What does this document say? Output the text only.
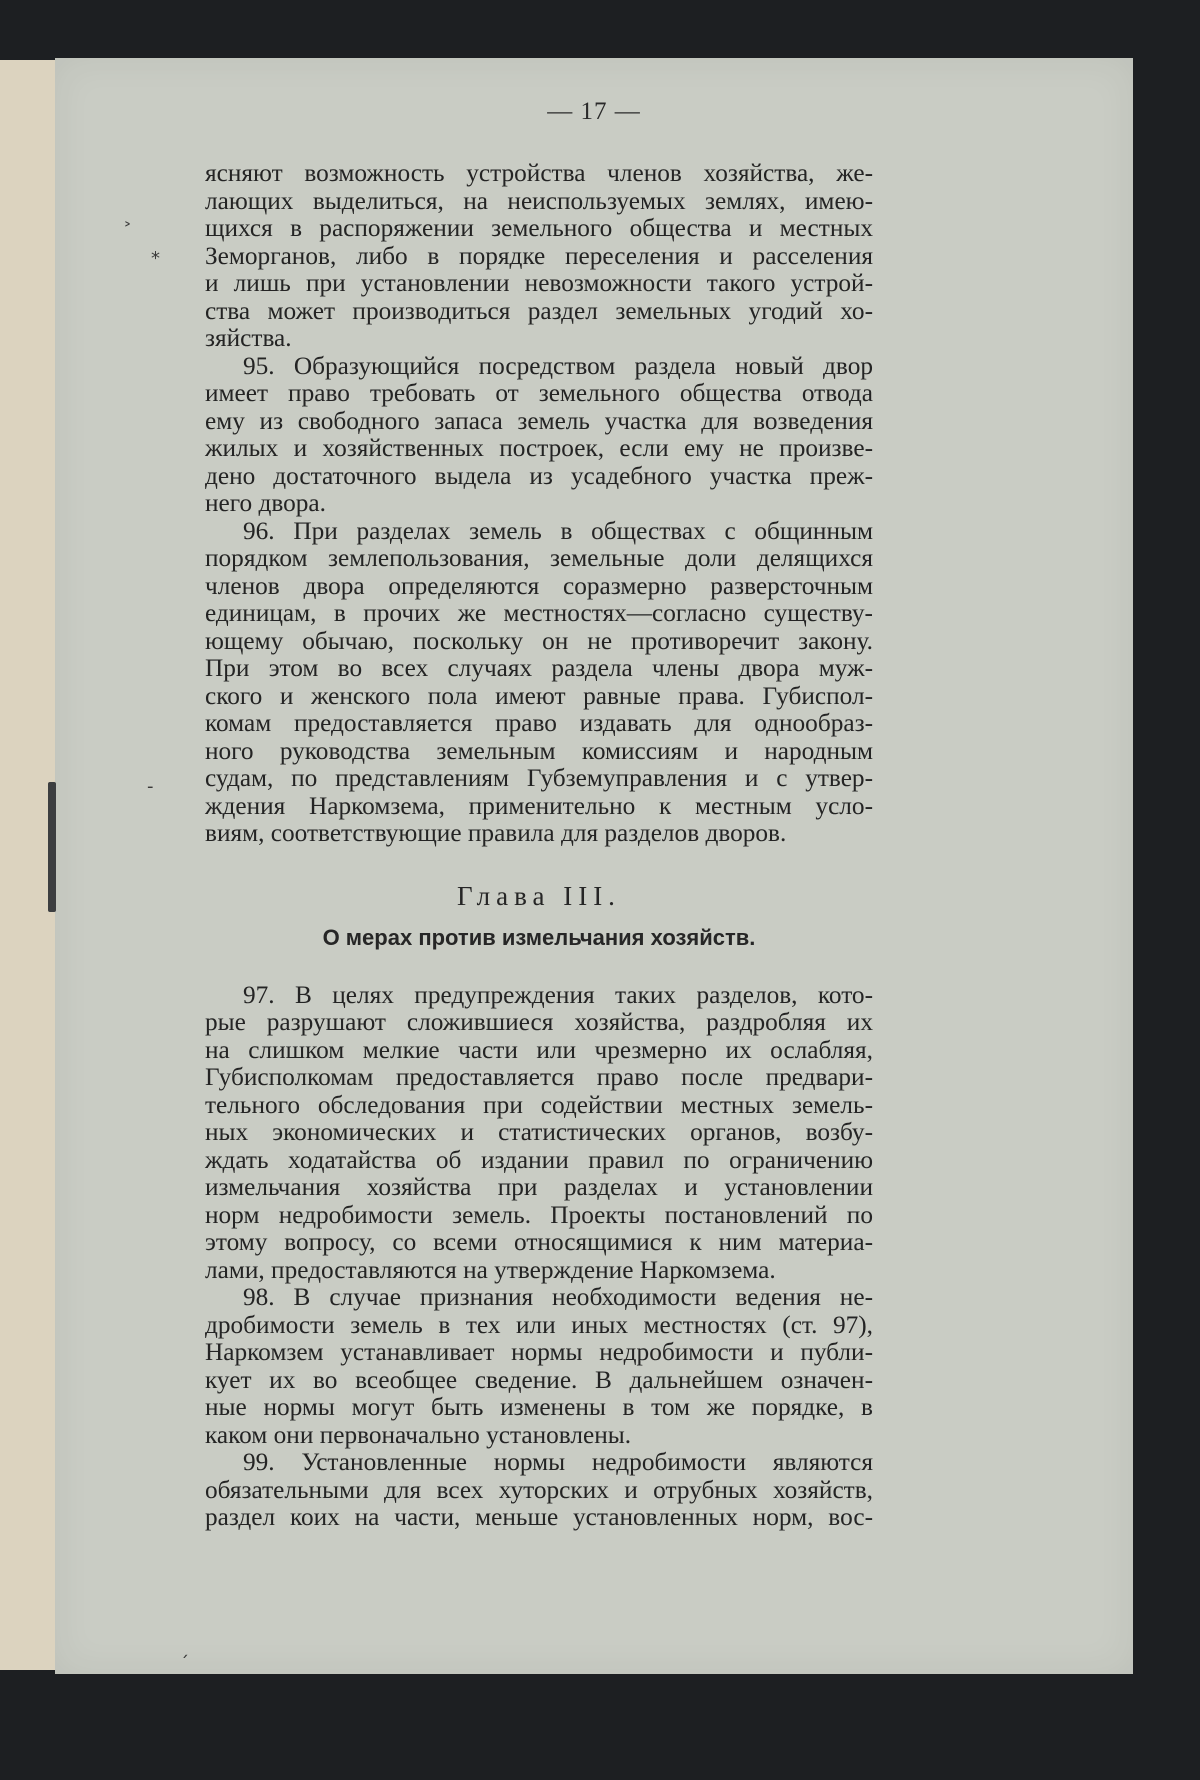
— 17 —

ясняют возможность устройства членов хозяйства, же-

лающих выделиться, на неиспользуемых землях, имею-

щихся в распоряжении земельного общества и местных

Земорганов, либо в порядке переселения и расселения

и лишь при установлении невозможности такого устрой-

ства может производиться раздел земельных угодий хо-

зяйства.

95. Образующийся посредством раздела новый двор

имеет право требовать от земельного общества отвода

ему из свободного запаса земель участка для возведения

жилых и хозяйственных построек, если ему не произве-

дено достаточного выдела из усадебного участка преж-

него двора.

96. При разделах земель в обществах с общинным

порядком землепользования, земельные доли делящихся

членов двора определяются соразмерно разверсточным

единицам, в прочих же местностях—согласно существу-

ющему обычаю, поскольку он не противоречит закону.

При этом во всех случаях раздела члены двора муж-

ского и женского пола имеют равные права. Губиспол-

комам предоставляется право издавать для однообраз-

ного руководства земельным комиссиям и народным

судам, по представлениям Губземуправления и с утвер-

ждения Наркомзема, применительно к местным усло-

виям, соответствующие правила для разделов дворов.

Глава III.
О мерах против измельчания хозяйств.

97. В целях предупреждения таких разделов, кото-

рые разрушают сложившиеся хозяйства, раздробляя их

на слишком мелкие части или чрезмерно их ослабляя,

Губисполкомам предоставляется право после предвари-

тельного обследования при содействии местных земель-

ных экономических и статистических органов, возбу-

ждать ходатайства об издании правил по ограничению

измельчания хозяйства при разделах и установлении

норм недробимости земель. Проекты постановлений по

этому вопросу, со всеми относящимися к ним материа-

лами, предоставляются на утверждение Наркомзема.

98. В случае признания необходимости ведения не-

дробимости земель в тех или иных местностях (ст. 97),

Наркомзем устанавливает нормы недробимости и публи-

кует их во всеобщее сведение. В дальнейшем означен-

ные нормы могут быть изменены в том же порядке, в

каком они первоначально установлены.

99. Установленные нормы недробимости являются

обязательными для всех хуторских и отрубных хозяйств,

раздел коих на части, меньше установленных норм, вос-

˃
*
-
ˏ
